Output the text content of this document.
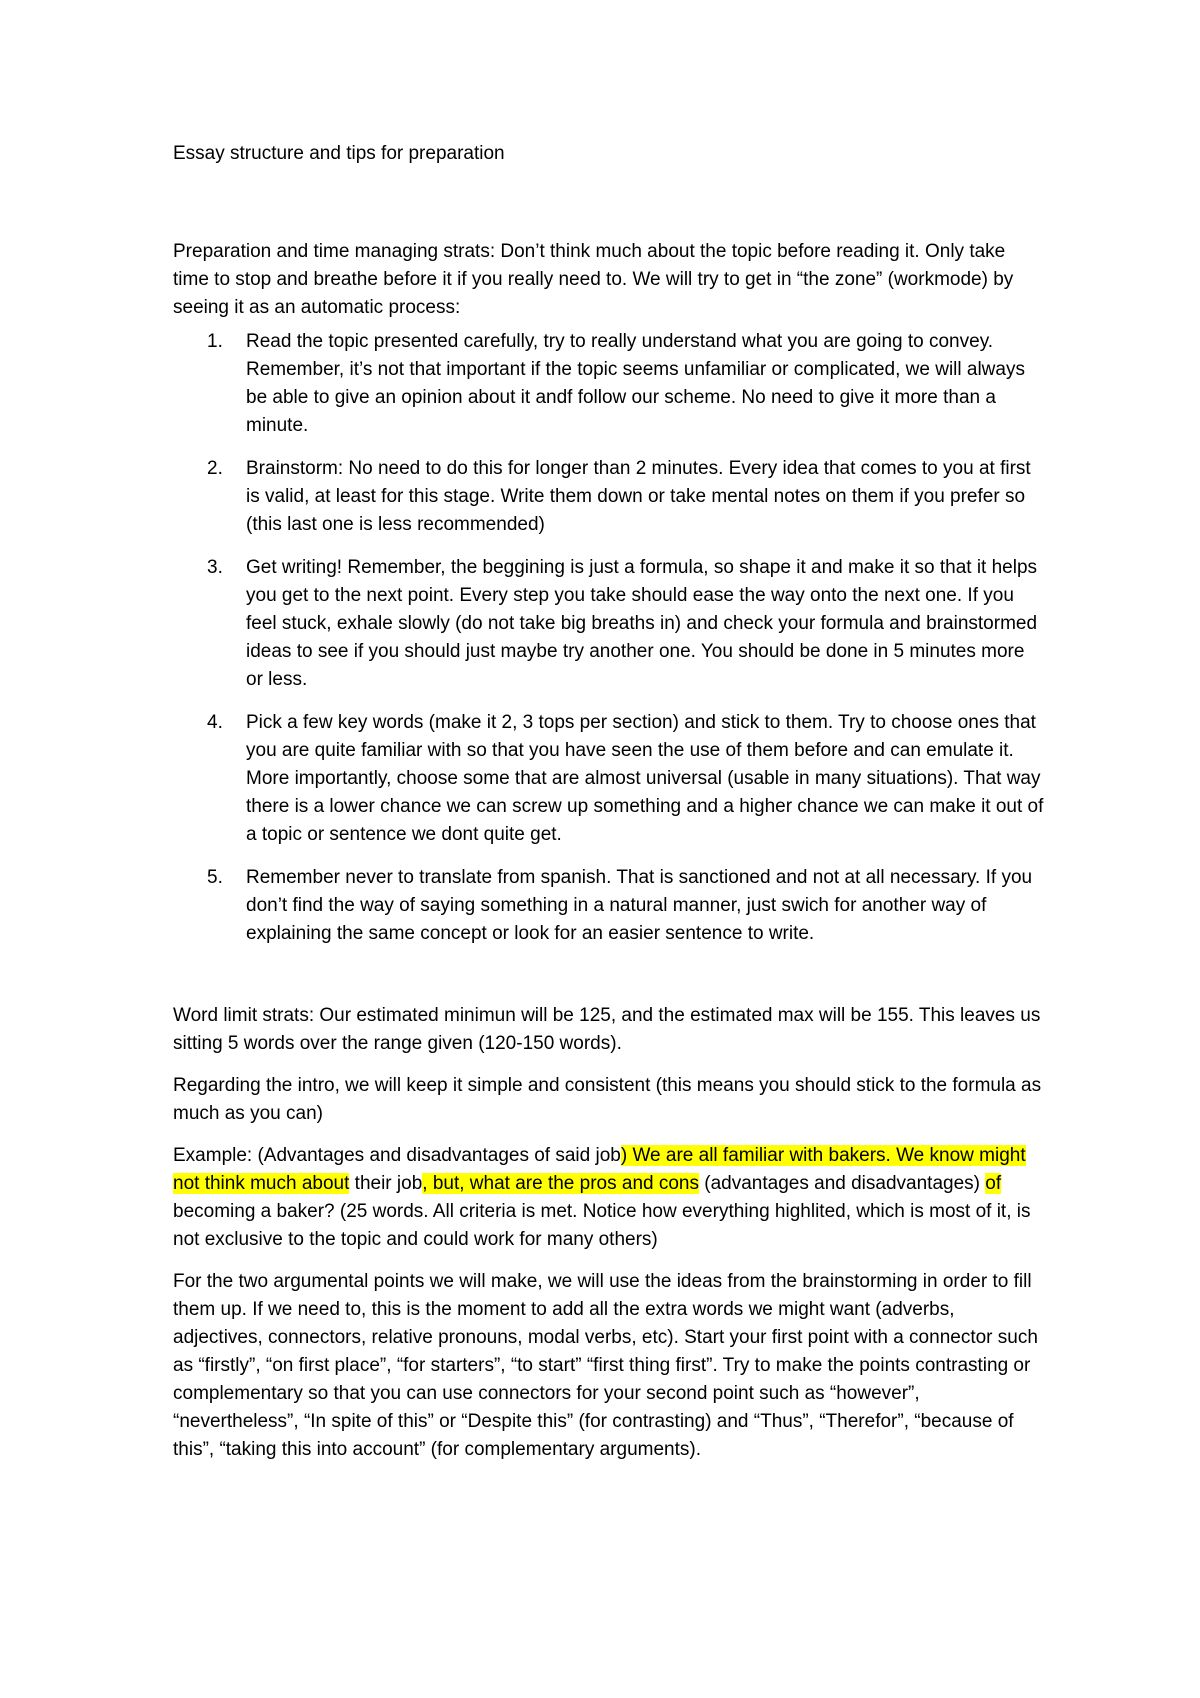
Essay structure and tips for preparation

Preparation and time managing strats: Don’t think much about the topic before reading it. Only take time to stop and breathe before it if you really need to. We will try to get in “the zone” (workmode) by seeing it as an automatic process:

1. Read the topic presented carefully, try to really understand what you are going to convey. Remember, it’s not that important if the topic seems unfamiliar or complicated, we will always be able to give an opinion about it andf follow our scheme. No need to give it more than a minute.
2. Brainstorm: No need to do this for longer than 2 minutes. Every idea that comes to you at first is valid, at least for this stage. Write them down or take mental notes on them if you prefer so (this last one is less recommended)
3. Get writing! Remember, the beggining is just a formula, so shape it and make it so that it helps you get to the next point. Every step you take should ease the way onto the next one. If you feel stuck, exhale slowly (do not take big breaths in) and check your formula and brainstormed ideas to see if you should just maybe try another one. You should be done in 5 minutes more or less.
4. Pick a few key words (make it 2, 3 tops per section) and stick to them. Try to choose ones that you are quite familiar with so that you have seen the use of them before and can emulate it. More importantly, choose some that are almost universal (usable in many situations). That way there is a lower chance we can screw up something and a higher chance we can make it out of a topic or sentence we dont quite get.
5. Remember never to translate from spanish. That is sanctioned and not at all necessary. If you don’t find the way of saying something in a natural manner, just swich for another way of explaining the same concept or look for an easier sentence to write.

Word limit strats: Our estimated minimun will be 125, and the estimated max will be 155. This leaves us sitting 5 words over the range given (120-150 words).

Regarding the intro, we will keep it simple and consistent (this means you should stick to the formula as much as you can)

Example: (Advantages and disadvantages of said job) We are all familiar with bakers. We know might not think much about their job, but, what are the pros and cons (advantages and disadvantages) of becoming a baker? (25 words. All criteria is met. Notice how everything highlited, which is most of it, is not exclusive to the topic and could work for many others)

For the two argumental points we will make, we will use the ideas from the brainstorming in order to fill them up. If we need to, this is the moment to add all the extra words we might want (adverbs, adjectives, connectors, relative pronouns, modal verbs, etc). Start your first point with a connector such as “firstly”, “on first place”, “for starters”, “to start” “first thing first”. Try to make the points contrasting or complementary so that you can use connectors for your second point such as “however”, “nevertheless”, “In spite of this” or “Despite this” (for contrasting) and “Thus”, “Therefor”, “because of this”, “taking this into account” (for complementary arguments).
